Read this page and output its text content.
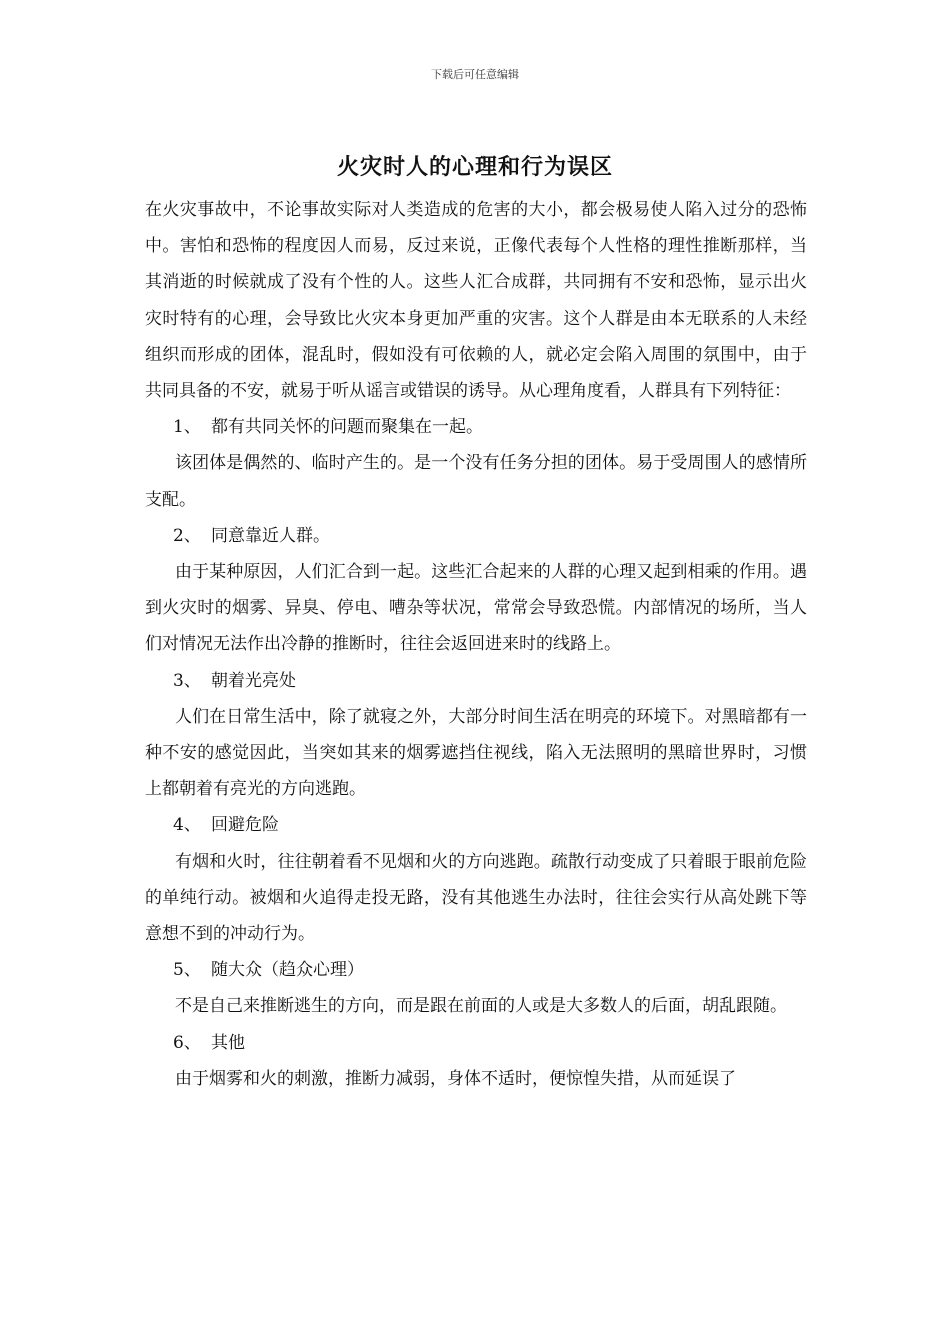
下载后可任意编辑
火灾时人的心理和行为误区

在火灾事故中，不论事故实际对人类造成的危害的大小，都会极易使人陷入过分的恐怖中。害怕和恐怖的程度因人而易，反过来说，正像代表每个人性格的理性推断那样，当其消逝的时候就成了没有个性的人。这些人汇合成群，共同拥有不安和恐怖，显示出火灾时特有的心理，会导致比火灾本身更加严重的灾害。这个人群是由本无联系的人未经组织而形成的团体，混乱时，假如没有可依赖的人，就必定会陷入周围的氛围中，由于共同具备的不安，就易于听从谣言或错误的诱导。从心理角度看，人群具有下列特征：

1、 都有共同关怀的问题而聚集在一起。

该团体是偶然的、临时产生的。是一个没有任务分担的团体。易于受周围人的感情所支配。

2、 同意靠近人群。

由于某种原因，人们汇合到一起。这些汇合起来的人群的心理又起到相乘的作用。遇到火灾时的烟雾、异臭、停电、嘈杂等状况，常常会导致恐慌。内部情况的场所，当人们对情况无法作出冷静的推断时，往往会返回进来时的线路上。

3、 朝着光亮处

人们在日常生活中，除了就寝之外，大部分时间生活在明亮的环境下。对黑暗都有一种不安的感觉因此，当突如其来的烟雾遮挡住视线，陷入无法照明的黑暗世界时，习惯上都朝着有亮光的方向逃跑。

4、 回避危险

有烟和火时，往往朝着看不见烟和火的方向逃跑。疏散行动变成了只着眼于眼前危险的单纯行动。被烟和火追得走投无路，没有其他逃生办法时，往往会实行从高处跳下等意想不到的冲动行为。

5、 随大众（趋众心理）

不是自己来推断逃生的方向，而是跟在前面的人或是大多数人的后面，胡乱跟随。

6、 其他

由于烟雾和火的刺激，推断力减弱，身体不适时，便惊惶失措，从而延误了
